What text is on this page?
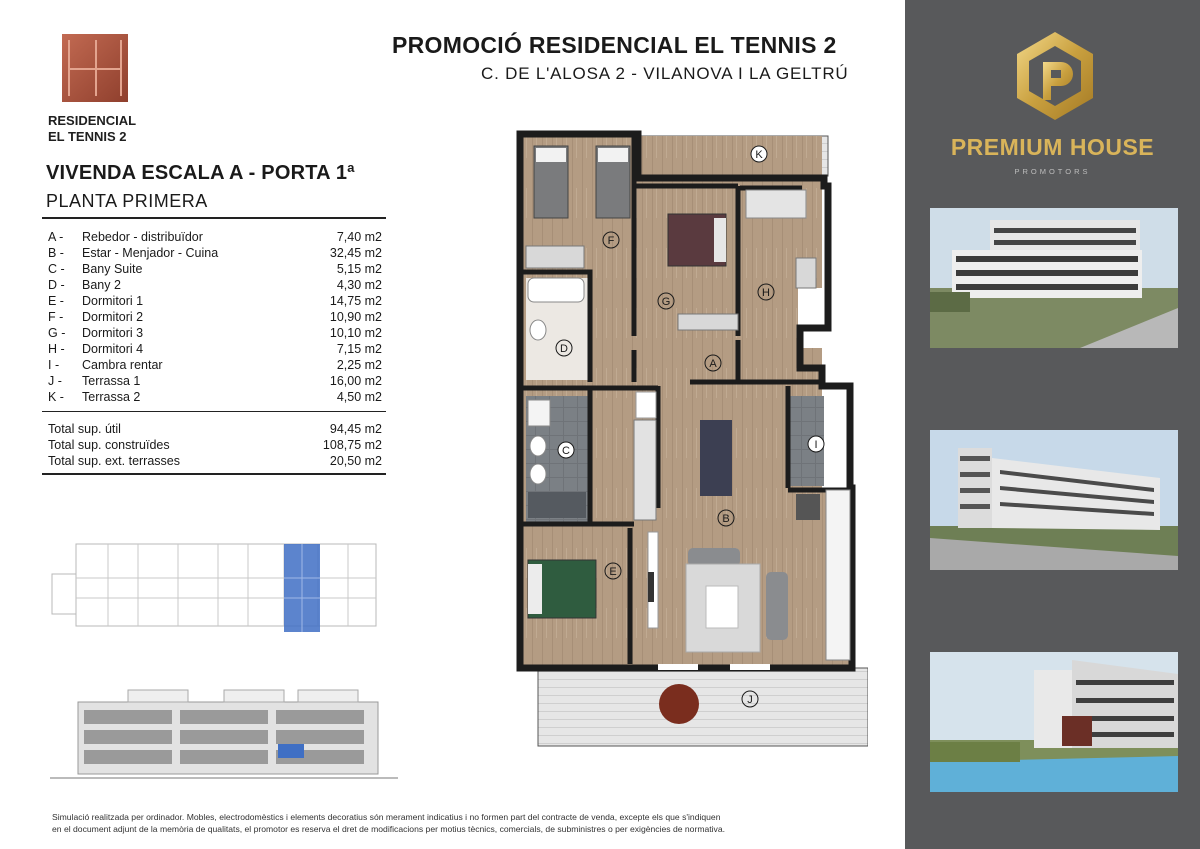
RESIDENCIAL
EL TENNIS 2
VIVENDA ESCALA A - PORTA 1ª
PLANTA PRIMERA
A -	Rebedor - distribuïdor	7,40 m2
B -	Estar - Menjador - Cuina	32,45 m2
C -	Bany Suite	5,15 m2
D -	Bany 2	4,30 m2
E -	Dormitori 1	14,75 m2
F -	Dormitori 2	10,90 m2
G -	Dormitori 3	10,10 m2
H -	Dormitori 4	7,15 m2
I -	Cambra rentar	2,25 m2
J -	Terrassa 1	16,00 m2
K -	Terrassa 2	4,50 m2
Total sup. útil	94,45 m2
Total sup. construïdes	108,75 m2
Total sup. ext. terrasses	20,50 m2
PROMOCIÓ RESIDENCIAL EL TENNIS 2
C. DE L'ALOSA 2 - VILANOVA I LA GELTRÚ
K
F
G
H
D
A
C	I
B
E
J
Simulació realitzada per ordinador. Mobles, electrodomèstics i elements decoratius són merament indicatius i no formen part del contracte de venda, excepte els que s'indiquen
en el document adjunt de la memòria de qualitats, el promotor es reserva el dret de modificacions per motius tècnics, comercials, de subministres o per exigències de normativa.
PREMIUM HOUSE
PROMOTORS
